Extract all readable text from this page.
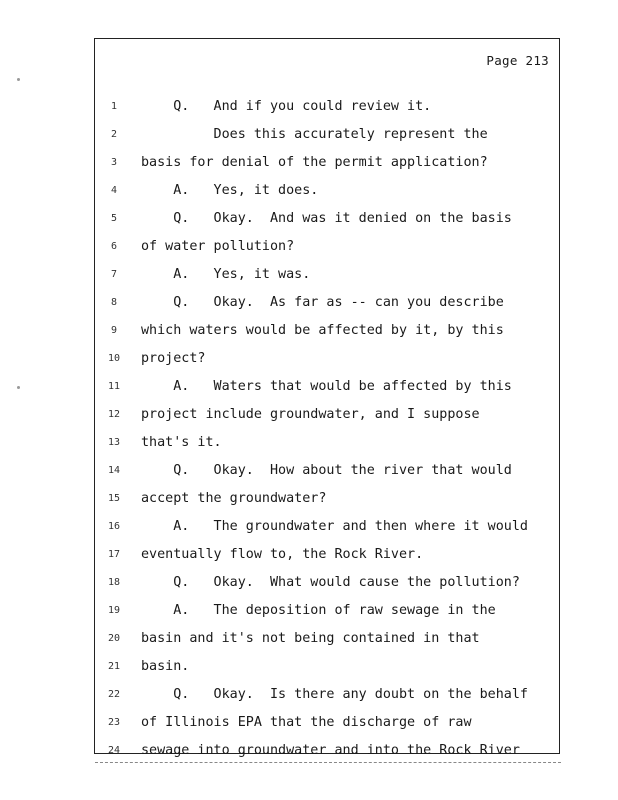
Page 213
1	Q.   And if you could review it.
2	Does this accurately represent the
3	basis for denial of the permit application?
4	A.   Yes, it does.
5	Q.   Okay.  And was it denied on the basis
6	of water pollution?
7	A.   Yes, it was.
8	Q.   Okay.  As far as -- can you describe
9	which waters would be affected by it, by this
10 project?
11 A.   Waters that would be affected by this
12 project include groundwater, and I suppose
13 that's it.
14 Q.   Okay.  How about the river that would
15 accept the groundwater?
16 A.   The groundwater and then where it would
17 eventually flow to, the Rock River.
18 Q.   Okay.  What would cause the pollution?
19 A.   The deposition of raw sewage in the
20 basin and it's not being contained in that
21 basin.
22 Q.   Okay.  Is there any doubt on the behalf
23 of Illinois EPA that the discharge of raw
24 sewage into groundwater and into the Rock River
